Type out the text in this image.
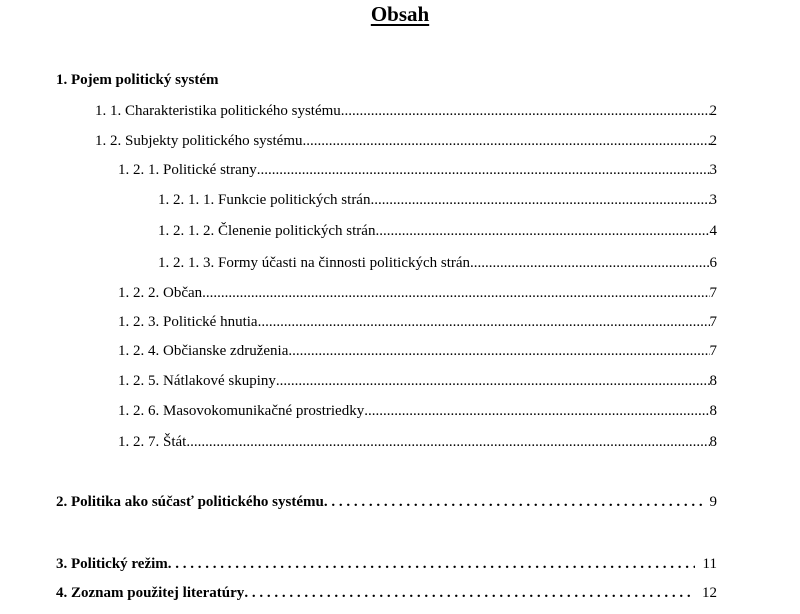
Obsah
1. Pojem politický systém
1. 1. Charakteristika politického systému .....	2
1. 2. Subjekty politického systému .....	2
1. 2. 1. Politické strany .....	3
1. 2. 1. 1. Funkcie politických strán .....	3
1. 2. 1. 2. Členenie politických strán .....	4
1. 2. 1. 3. Formy účasti na činnosti politických strán .....	6
1. 2. 2. Občan .....	7
1. 2. 3. Politické hnutia .....	7
1. 2. 4. Občianske združenia .....	7
1. 2. 5. Nátlakové skupiny .....	8
1. 2. 6. Masovokomunikačné prostriedky .....	8
1. 2. 7. Štát .....	8
2. Politika ako súčasť politického systému . . .	9
3. Politický režim . . .	11
4. Zoznam použitej literatúry . . .	12
